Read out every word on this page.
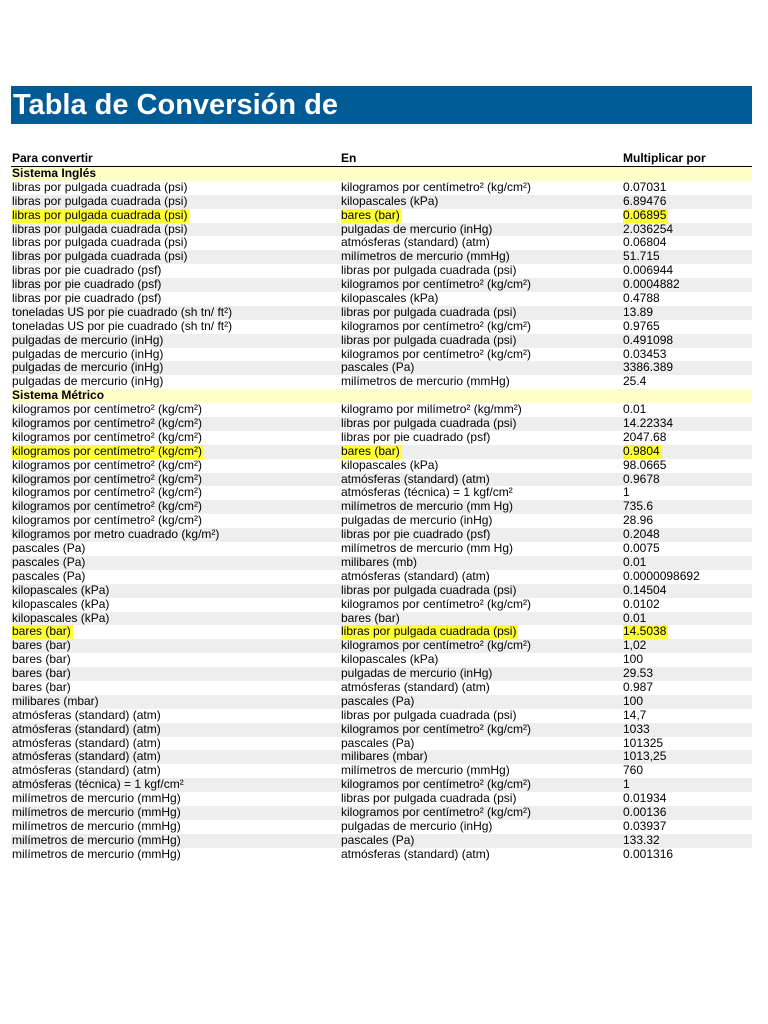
Tabla de Conversión de
Para convertir	En	Multiplicar por
Sistema Inglés
libras por pulgada cuadrada (psi)	kilogramos por centímetro² (kg/cm²)	0.07031
libras por pulgada cuadrada (psi)	kilopascales (kPa)	6.89476
libras por pulgada cuadrada (psi)	bares (bar)	0.06895
libras por pulgada cuadrada (psi)	pulgadas de mercurio (inHg)	2.036254
libras por pulgada cuadrada (psi)	atmósferas (standard) (atm)	0.06804
libras por pulgada cuadrada (psi)	milímetros de mercurio (mmHg)	51.715
libras por pie cuadrado (psf)	libras por pulgada cuadrada (psi)	0.006944
libras por pie cuadrado (psf)	kilogramos por centímetro² (kg/cm²)	0.0004882
libras por pie cuadrado (psf)	kilopascales (kPa)	0.4788
toneladas US por pie cuadrado (sh tn/ ft²)	libras por pulgada cuadrada (psi)	13.89
toneladas US por pie cuadrado (sh tn/ ft²)	kilogramos por centímetro² (kg/cm²)	0.9765
pulgadas de mercurio (inHg)	libras por pulgada cuadrada (psi)	0.491098
pulgadas de mercurio (inHg)	kilogramos por centímetro² (kg/cm²)	0.03453
pulgadas de mercurio (inHg)	pascales (Pa)	3386.389
pulgadas de mercurio (inHg)	milímetros de mercurio (mmHg)	25.4
Sistema Métrico
kilogramos por centímetro² (kg/cm²)	kilogramo por milímetro² (kg/mm²)	0.01
kilogramos por centímetro² (kg/cm²)	libras por pulgada cuadrada (psi)	14.22334
kilogramos por centímetro² (kg/cm²)	libras por pie cuadrado (psf)	2047.68
kilogramos por centímetro² (kg/cm²)	bares (bar)	0.9804
kilogramos por centímetro² (kg/cm²)	kilopascales (kPa)	98.0665
kilogramos por centímetro² (kg/cm²)	atmósferas (standard) (atm)	0.9678
kilogramos por centímetro² (kg/cm²)	atmósferas (técnica) = 1 kgf/cm²	1
kilogramos por centímetro² (kg/cm²)	milímetros de mercurio (mm Hg)	735.6
kilogramos por centímetro² (kg/cm²)	pulgadas de mercurio (inHg)	28.96
kilogramos por metro cuadrado (kg/m²)	libras por pie cuadrado (psf)	0.2048
pascales (Pa)	milímetros de mercurio (mm Hg)	0.0075
pascales (Pa)	milibares (mb)	0.01
pascales (Pa)	atmósferas (standard) (atm)	0.0000098692
kilopascales (kPa)	libras por pulgada cuadrada (psi)	0.14504
kilopascales (kPa)	kilogramos por centímetro² (kg/cm²)	0.0102
kilopascales (kPa)	bares (bar)	0.01
bares (bar)	libras por pulgada cuadrada (psi)	14.5038
bares (bar)	kilogramos por centímetro² (kg/cm²)	1,02
bares (bar)	kilopascales (kPa)	100
bares (bar)	pulgadas de mercurio (inHg)	29.53
bares (bar)	atmósferas (standard) (atm)	0.987
milibares (mbar)	pascales (Pa)	100
atmósferas (standard) (atm)	libras por pulgada cuadrada (psi)	14,7
atmósferas (standard) (atm)	kilogramos por centímetro² (kg/cm²)	1033
atmósferas (standard) (atm)	pascales (Pa)	101325
atmósferas (standard) (atm)	milibares (mbar)	1013,25
atmósferas (standard) (atm)	milímetros de mercurio (mmHg)	760
atmósferas (técnica) = 1 kgf/cm²	kilogramos por centímetro² (kg/cm²)	1
milímetros de mercurio (mmHg)	libras por pulgada cuadrada (psi)	0.01934
milímetros de mercurio (mmHg)	kilogramos por centímetro² (kg/cm²)	0.00136
milímetros de mercurio (mmHg)	pulgadas de mercurio (inHg)	0.03937
milímetros de mercurio (mmHg)	pascales (Pa)	133.32
milímetros de mercurio (mmHg)	atmósferas (standard) (atm)	0.001316
